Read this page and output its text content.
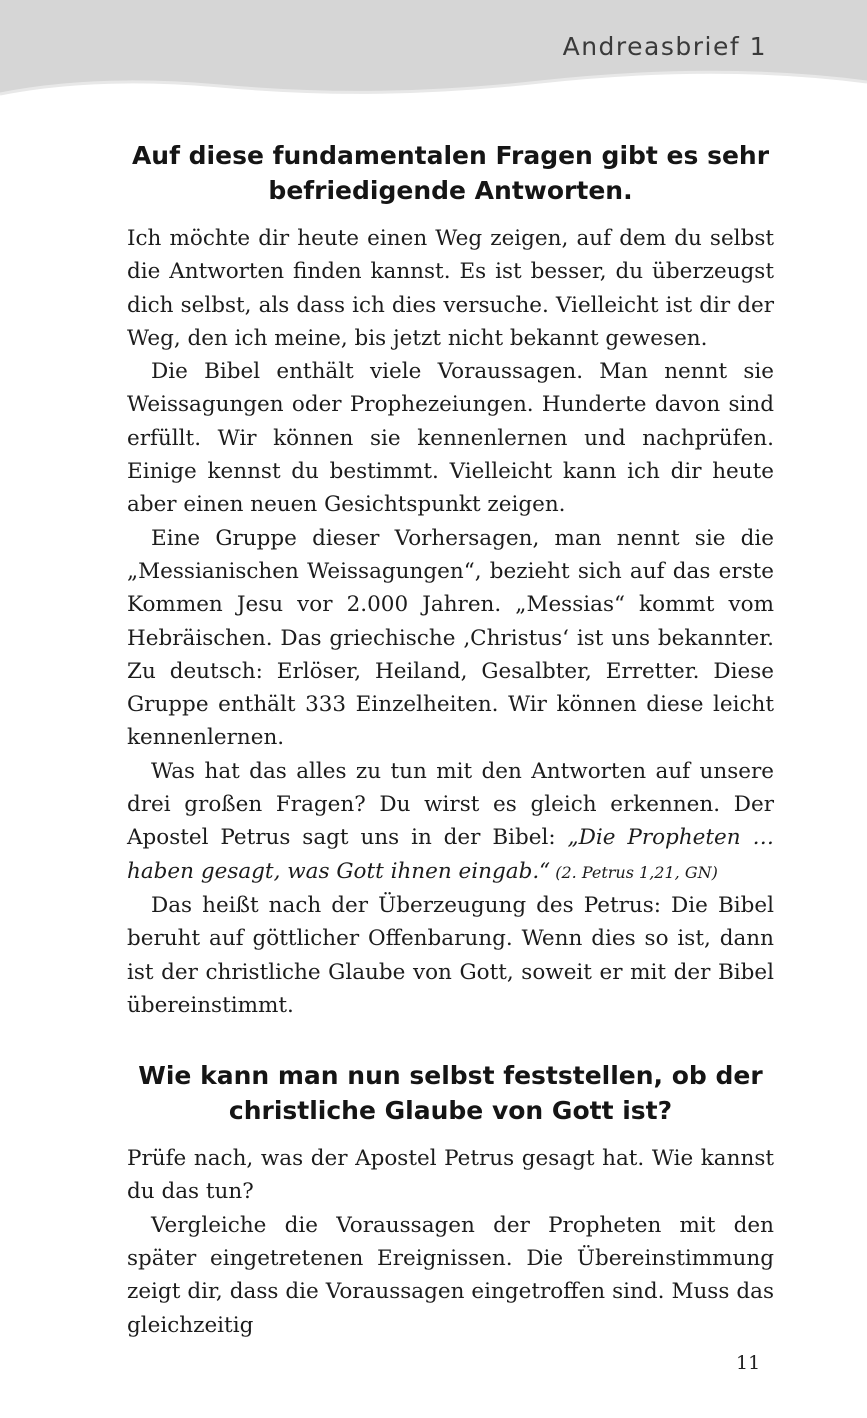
Andreasbrief 1
Auf diese fundamentalen Fragen gibt es sehr
befriedigende Antworten.

Ich möchte dir heute einen Weg zeigen, auf dem du selbst die Antworten finden kannst. Es ist besser, du überzeugst dich selbst, als dass ich dies versuche. Vielleicht ist dir der Weg, den ich meine, bis jetzt nicht bekannt gewesen.

Die Bibel enthält viele Voraussagen. Man nennt sie Weissagungen oder Prophezeiungen. Hunderte davon sind erfüllt. Wir können sie kennenlernen und nachprüfen. Einige kennst du bestimmt. Vielleicht kann ich dir heute aber einen neuen Gesichtspunkt zeigen.

Eine Gruppe dieser Vorhersagen, man nennt sie die „Messianischen Weissagungen“, bezieht sich auf das erste Kommen Jesu vor 2.000 Jahren. „Messias“ kommt vom Hebräischen. Das griechische ‚Christus‘ ist uns bekannter. Zu deutsch: Erlöser, Heiland, Gesalbter, Erretter. Diese Gruppe enthält 333 Einzelheiten. Wir können diese leicht kennenlernen.

Was hat das alles zu tun mit den Antworten auf unsere drei großen Fragen? Du wirst es gleich erkennen. Der Apostel Petrus sagt uns in der Bibel: „Die Propheten … haben gesagt, was Gott ihnen eingab.“ (2. Petrus 1,21, GN)

Das heißt nach der Überzeugung des Petrus: Die Bibel beruht auf göttlicher Offenbarung. Wenn dies so ist, dann ist der christliche Glaube von Gott, soweit er mit der Bibel übereinstimmt.

Wie kann man nun selbst feststellen, ob der
christliche Glaube von Gott ist?

Prüfe nach, was der Apostel Petrus gesagt hat. Wie kannst du das tun?

Vergleiche die Voraussagen der Propheten mit den später eingetretenen Ereignissen. Die Übereinstimmung zeigt dir, dass die Voraussagen eingetroffen sind. Muss das gleichzeitig

11
